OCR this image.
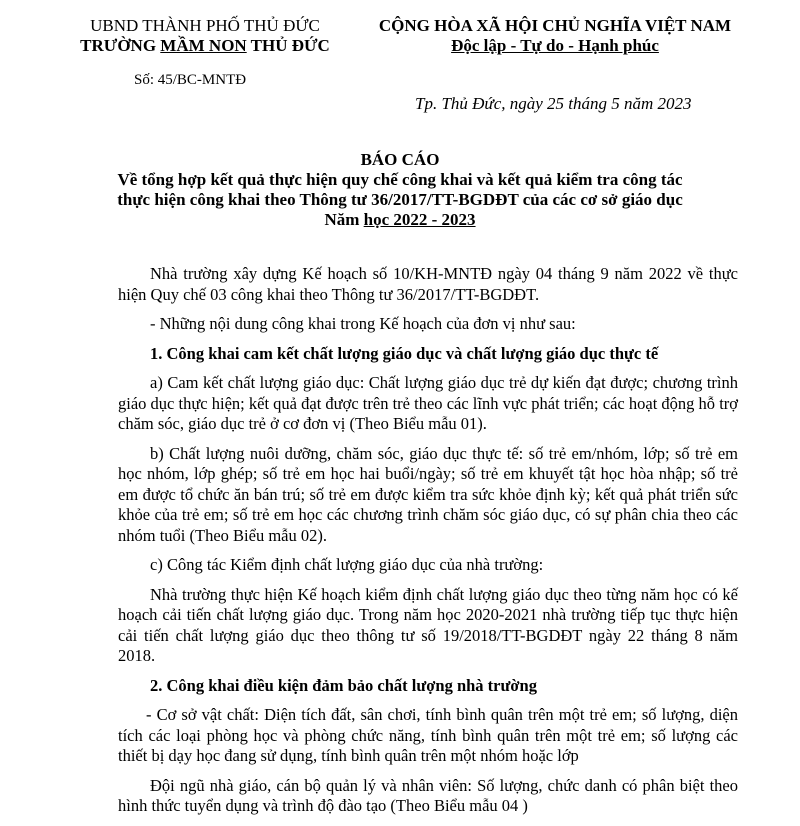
UBND THÀNH PHỐ THỦ ĐỨC
TRƯỜNG MẦM NON THỦ ĐỨC
CỘNG HÒA XÃ HỘI CHỦ NGHĨA VIỆT NAM
Độc lập - Tự do - Hạnh phúc
Số: 45/BC-MNTĐ
Tp. Thủ Đức, ngày 25 tháng 5 năm 2023
BÁO CÁO
Về tổng hợp kết quả thực hiện quy chế công khai và kết quả kiểm tra công tác
thực hiện công khai theo Thông tư 36/2017/TT-BGDĐT của các cơ sở giáo dục
Năm học 2022 - 2023

Nhà trường xây dựng Kế hoạch số 10/KH-MNTĐ ngày 04 tháng 9 năm 2022 về thực hiện Quy chế 03 công khai theo Thông tư 36/2017/TT-BGDĐT.

- Những nội dung công khai trong Kế hoạch của đơn vị như sau:

1. Công khai cam kết chất lượng giáo dục và chất lượng giáo dục thực tế

a) Cam kết chất lượng giáo dục: Chất lượng giáo dục trẻ dự kiến đạt được; chương trình giáo dục thực hiện; kết quả đạt được trên trẻ theo các lĩnh vực phát triển; các hoạt động hỗ trợ chăm sóc, giáo dục trẻ ở cơ đơn vị (Theo Biểu mẫu 01).

b) Chất lượng nuôi dưỡng, chăm sóc, giáo dục thực tế: số trẻ em/nhóm, lớp; số trẻ em học nhóm, lớp ghép; số trẻ em học hai buổi/ngày; số trẻ em khuyết tật học hòa nhập; số trẻ em được tổ chức ăn bán trú; số trẻ em được kiểm tra sức khỏe định kỳ; kết quả phát triển sức khỏe của trẻ em; số trẻ em học các chương trình chăm sóc giáo dục, có sự phân chia theo các nhóm tuổi (Theo Biểu mẫu 02).

c) Công tác Kiểm định chất lượng giáo dục của nhà trường:

Nhà trường thực hiện Kế hoạch kiểm định chất lượng giáo dục theo từng năm học có kế hoạch cải tiến chất lượng giáo dục. Trong năm học 2020-2021 nhà trường tiếp tục thực hiện cải tiến chất lượng giáo dục theo thông tư số 19/2018/TT-BGDĐT ngày 22 tháng 8 năm 2018.

2. Công khai điều kiện đảm bảo chất lượng nhà trường

- Cơ sở vật chất: Diện tích đất, sân chơi, tính bình quân trên một trẻ em; số lượng, diện tích các loại phòng học và phòng chức năng, tính bình quân trên một trẻ em; số lượng các thiết bị dạy học đang sử dụng, tính bình quân trên một nhóm hoặc lớp

Đội ngũ nhà giáo, cán bộ quản lý và nhân viên: Số lượng, chức danh có phân biệt theo hình thức tuyển dụng và trình độ đào tạo (Theo Biểu mẫu 04 )
